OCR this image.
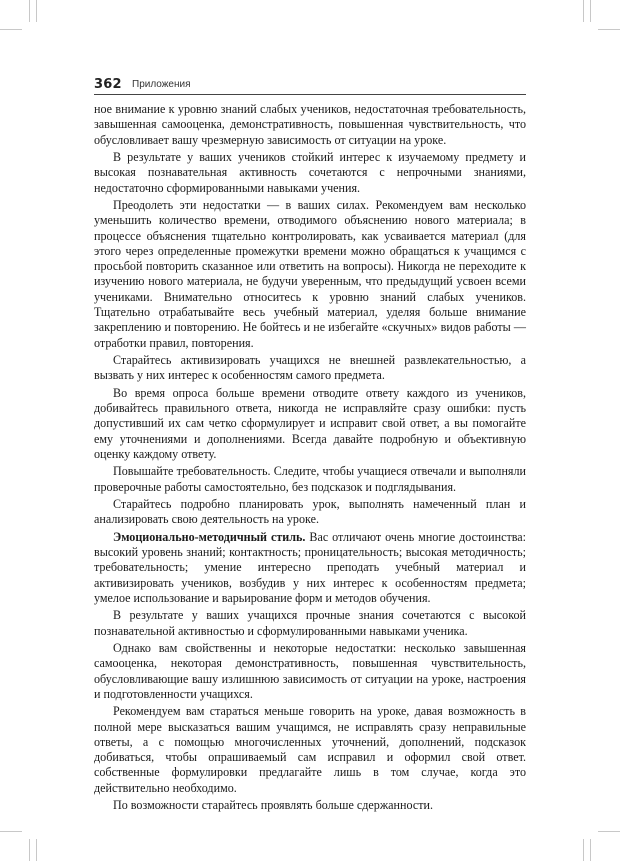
362 Приложения

ное внимание к уровню знаний слабых учеников, недостаточная требовательность, завышенная самооценка, демонстративность, повышенная чувствительность, что обусловливает вашу чрезмерную зависимость от ситуации на уроке.

В результате у ваших учеников стойкий интерес к изучаемому предмету и высокая познавательная активность сочетаются с непрочными знаниями, недостаточно сформированными навыками учения.

Преодолеть эти недостатки — в ваших силах. Рекомендуем вам несколько уменьшить количество времени, отводимого объяснению нового материала; в процессе объяснения тщательно контролировать, как усваивается материал (для этого через определенные промежутки времени можно обращаться к учащимся с просьбой повторить сказанное или ответить на вопросы). Никогда не переходите к изучению нового материала, не будучи уверенным, что предыдущий усвоен всеми учениками. Внимательно относитесь к уровню знаний слабых учеников. Тщательно отрабатывайте весь учебный материал, уделяя больше внимание закреплению и повторению. Не бойтесь и не избегайте «скучных» видов работы — отработки правил, повторения.

Старайтесь активизировать учащихся не внешней развлекательностью, а вызвать у них интерес к особенностям самого предмета.

Во время опроса больше времени отводите ответу каждого из учеников, добивайтесь правильного ответа, никогда не исправляйте сразу ошибки: пусть допустивший их сам четко сформулирует и исправит свой ответ, а вы помогайте ему уточнениями и дополнениями. Всегда давайте подробную и объективную оценку каждому ответу.

Повышайте требовательность. Следите, чтобы учащиеся отвечали и выполняли проверочные работы самостоятельно, без подсказок и подглядывания.

Старайтесь подробно планировать урок, выполнять намеченный план и анализировать свою деятельность на уроке.

Эмоционально-методичный стиль. Вас отличают очень многие достоинства: высокий уровень знаний; контактность; проницательность; высокая методичность; требовательность; умение интересно преподать учебный материал и активизировать учеников, возбудив у них интерес к особенностям предмета; умелое использование и варьирование форм и методов обучения.

В результате у ваших учащихся прочные знания сочетаются с высокой познавательной активностью и сформулированными навыками ученика.

Однако вам свойственны и некоторые недостатки: несколько завышенная самооценка, некоторая демонстративность, повышенная чувствительность, обусловливающие вашу излишнюю зависимость от ситуации на уроке, настроения и подготовленности учащихся.

Рекомендуем вам стараться меньше говорить на уроке, давая возможность в полной мере высказаться вашим учащимся, не исправлять сразу неправильные ответы, а с помощью многочисленных уточнений, дополнений, подсказок добиваться, чтобы опрашиваемый сам исправил и оформил свой ответ. собственные формулировки предлагайте лишь в том случае, когда это действительно необходимо.

По возможности старайтесь проявлять больше сдержанности.
